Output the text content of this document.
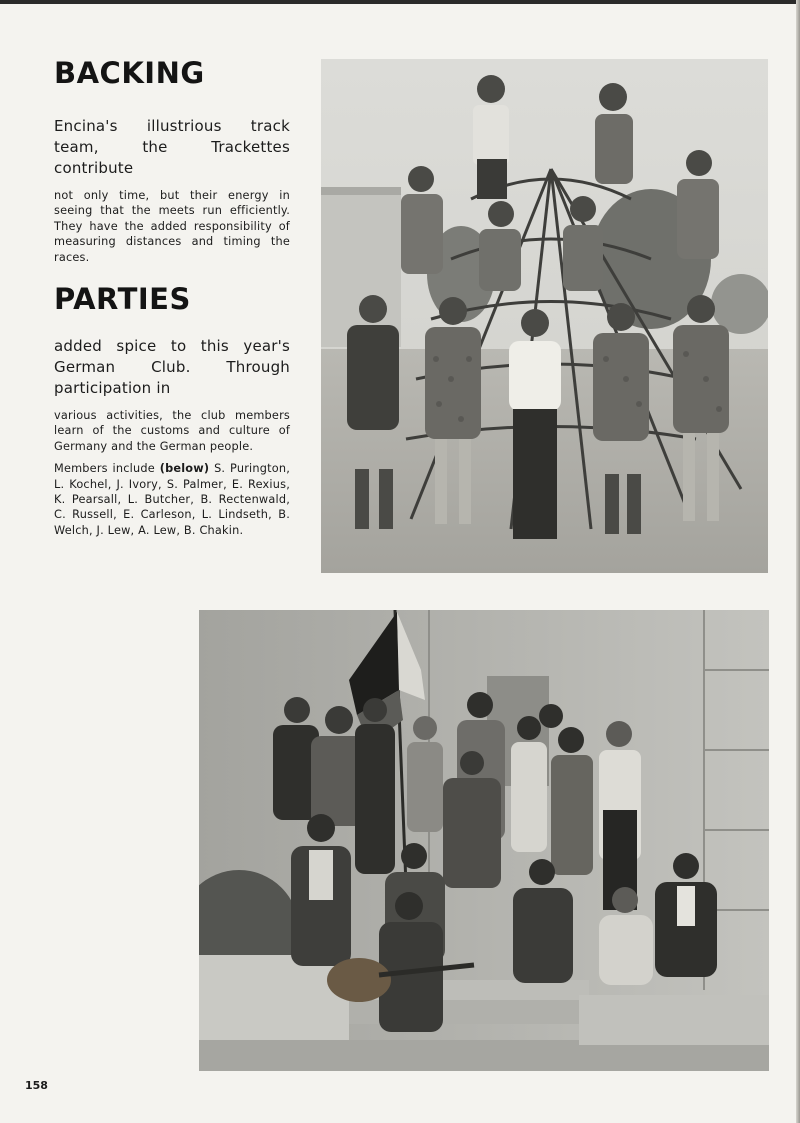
BACKING

Encina's illustrious track team, the Trackettes contribute

not only time, but their energy in seeing that the meets run efficiently. They have the added responsibility of measuring distances and timing the races.

PARTIES

added spice to this year's German Club. Through participation in

various activities, the club members learn of the customs and culture of Germany and the German people.

Members include (below) S. Purington, L. Kochel, J. Ivory, S. Palmer, E. Rexius, K. Pearsall, L. Butcher, B. Rectenwald, C. Russell, E. Carleson, L. Lindseth, B. Welch, J. Lew, A. Lew, B. Chakin.

158
